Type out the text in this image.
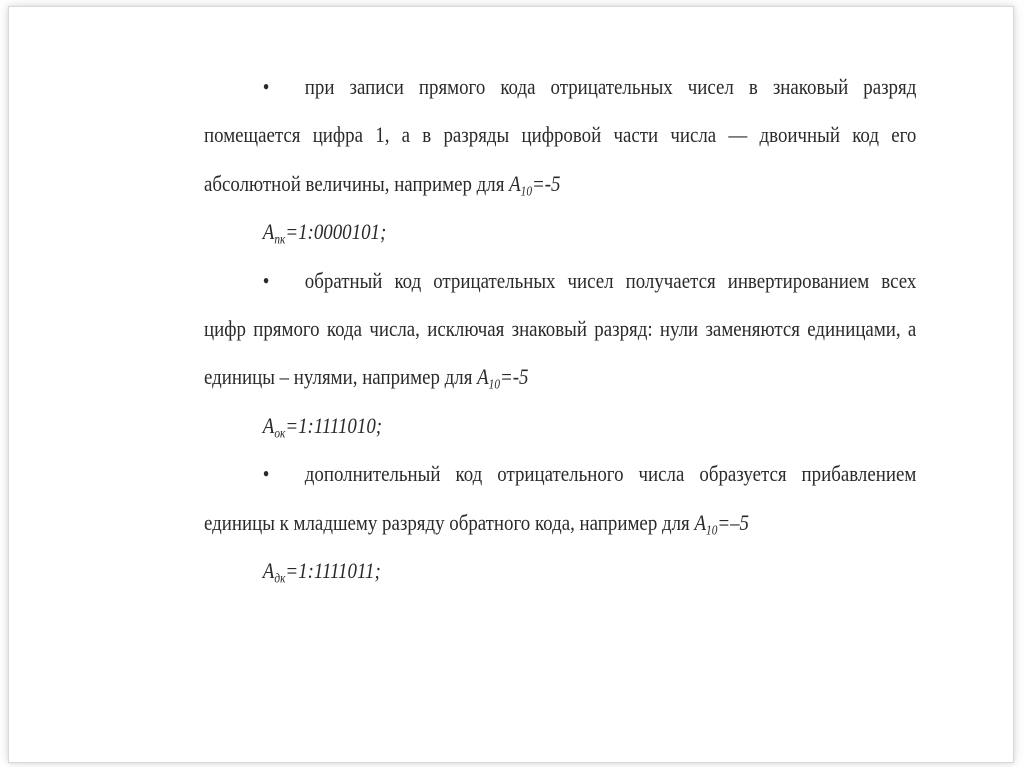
• при записи прямого кода отрицательных чисел в знаковый разряд помещается цифра 1, а в разряды цифровой части числа — двоичный код его абсолютной величины, например для $A_{10}=-5$

$A_{пк}=1:0000101$;

• обратный код отрицательных чисел получается инвертированием всех цифр прямого кода числа, исключая знаковый разряд: нули заменяются единицами, а единицы – нулями, например для $A_{10}=-5$

$A_{ок}=1:1111010$;

• дополнительный код отрицательного числа образуется прибавлением единицы к младшему разряду обратного кода, например для $A_{10}=-5$

$A_{дк}=1:1111011$;
